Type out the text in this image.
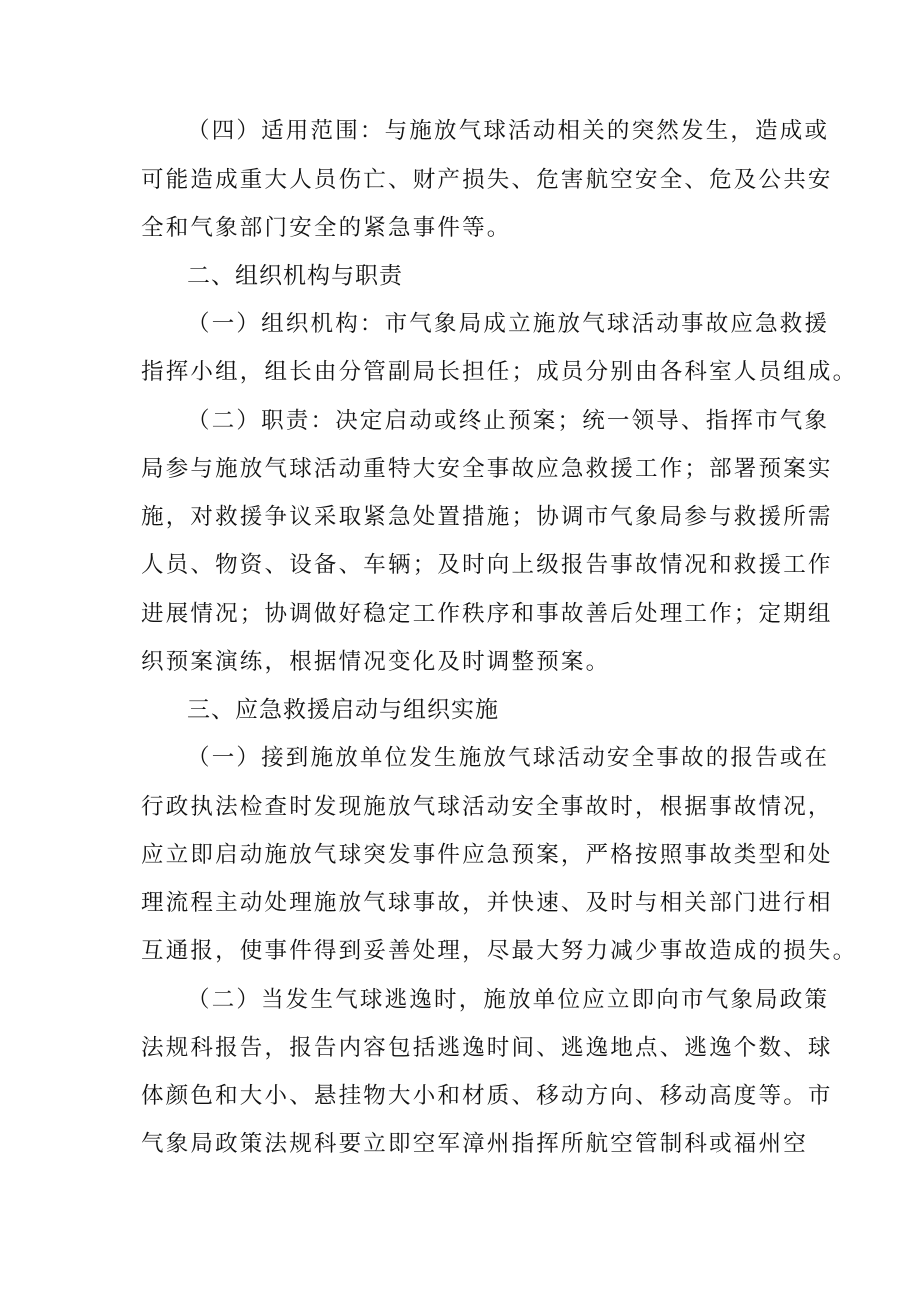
（四）适用范围：与施放气球活动相关的突然发生，造成或
可能造成重大人员伤亡、财产损失、危害航空安全、危及公共安
全和气象部门安全的紧急事件等。
二、组织机构与职责
（一）组织机构：市气象局成立施放气球活动事故应急救援
指挥小组，组长由分管副局长担任；成员分别由各科室人员组成。
（二）职责：决定启动或终止预案；统一领导、指挥市气象
局参与施放气球活动重特大安全事故应急救援工作；部署预案实
施，对救援争议采取紧急处置措施；协调市气象局参与救援所需
人员、物资、设备、车辆；及时向上级报告事故情况和救援工作
进展情况；协调做好稳定工作秩序和事故善后处理工作；定期组
织预案演练，根据情况变化及时调整预案。
三、应急救援启动与组织实施
（一）接到施放单位发生施放气球活动安全事故的报告或在
行政执法检查时发现施放气球活动安全事故时，根据事故情况，
应立即启动施放气球突发事件应急预案，严格按照事故类型和处
理流程主动处理施放气球事故，并快速、及时与相关部门进行相
互通报，使事件得到妥善处理，尽最大努力减少事故造成的损失。
（二）当发生气球逃逸时，施放单位应立即向市气象局政策
法规科报告，报告内容包括逃逸时间、逃逸地点、逃逸个数、球
体颜色和大小、悬挂物大小和材质、移动方向、移动高度等。市
气象局政策法规科要立即空军漳州指挥所航空管制科或福州空
